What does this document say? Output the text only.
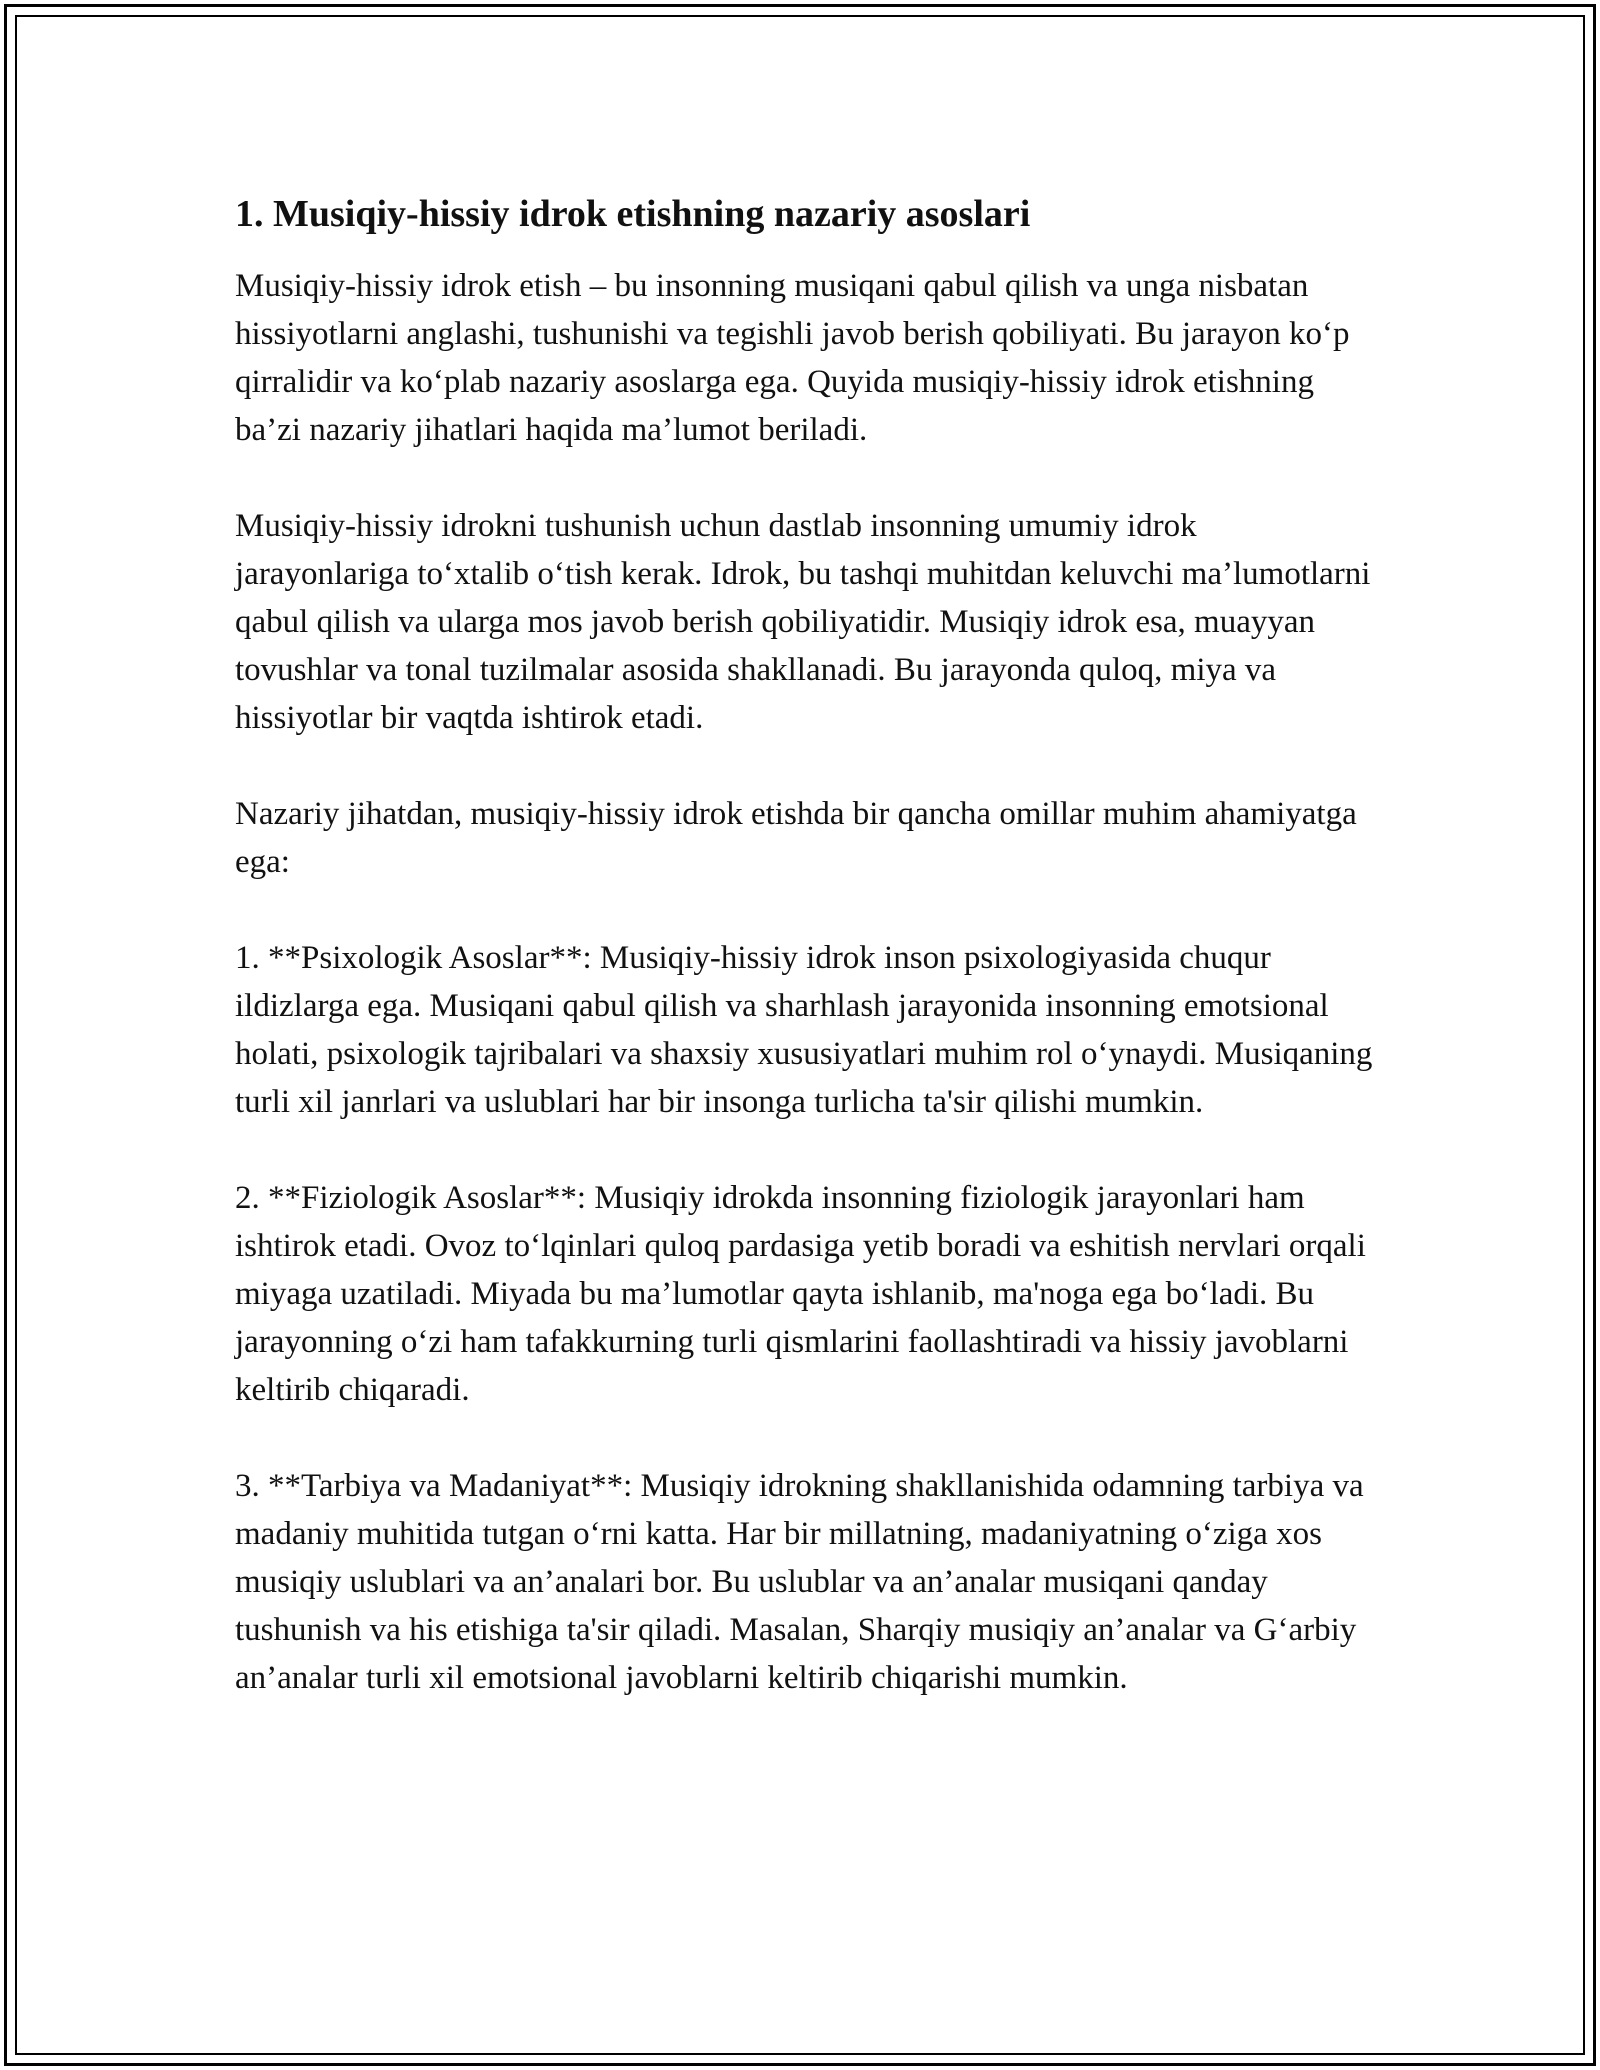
1. Musiqiy-hissiy idrok etishning nazariy asoslari

Musiqiy-hissiy idrok etish – bu insonning musiqani qabul qilish va unga nisbatan hissiyotlarni anglashi, tushunishi va tegishli javob berish qobiliyati. Bu jarayon ko‘p qirralidir va ko‘plab nazariy asoslarga ega. Quyida musiqiy-hissiy idrok etishning ba’zi nazariy jihatlari haqida ma’lumot beriladi.

Musiqiy-hissiy idrokni tushunish uchun dastlab insonning umumiy idrok jarayonlariga to‘xtalib o‘tish kerak. Idrok, bu tashqi muhitdan keluvchi ma’lumotlarni qabul qilish va ularga mos javob berish qobiliyatidir. Musiqiy idrok esa, muayyan tovushlar va tonal tuzilmalar asosida shakllanadi. Bu jarayonda quloq, miya va hissiyotlar bir vaqtda ishtirok etadi.

Nazariy jihatdan, musiqiy-hissiy idrok etishda bir qancha omillar muhim ahamiyatga ega:

1. **Psixologik Asoslar**: Musiqiy-hissiy idrok inson psixologiyasida chuqur ildizlarga ega. Musiqani qabul qilish va sharhlash jarayonida insonning emotsional holati, psixologik tajribalari va shaxsiy xususiyatlari muhim rol o‘ynaydi. Musiqaning turli xil janrlari va uslublari har bir insonga turlicha ta'sir qilishi mumkin.

2. **Fiziologik Asoslar**: Musiqiy idrokda insonning fiziologik jarayonlari ham ishtirok etadi. Ovoz to‘lqinlari quloq pardasiga yetib boradi va eshitish nervlari orqali miyaga uzatiladi. Miyada bu ma’lumotlar qayta ishlanib, ma'noga ega bo‘ladi. Bu jarayonning o‘zi ham tafakkurning turli qismlarini faollashtiradi va hissiy javoblarni keltirib chiqaradi.

3. **Tarbiya va Madaniyat**: Musiqiy idrokning shakllanishida odamning tarbiya va madaniy muhitida tutgan o‘rni katta. Har bir millatning, madaniyatning o‘ziga xos musiqiy uslublari va an’analari bor. Bu uslublar va an’analar musiqani qanday tushunish va his etishiga ta'sir qiladi. Masalan, Sharqiy musiqiy an’analar va G‘arbiy an’analar turli xil emotsional javoblarni keltirib chiqarishi mumkin.
